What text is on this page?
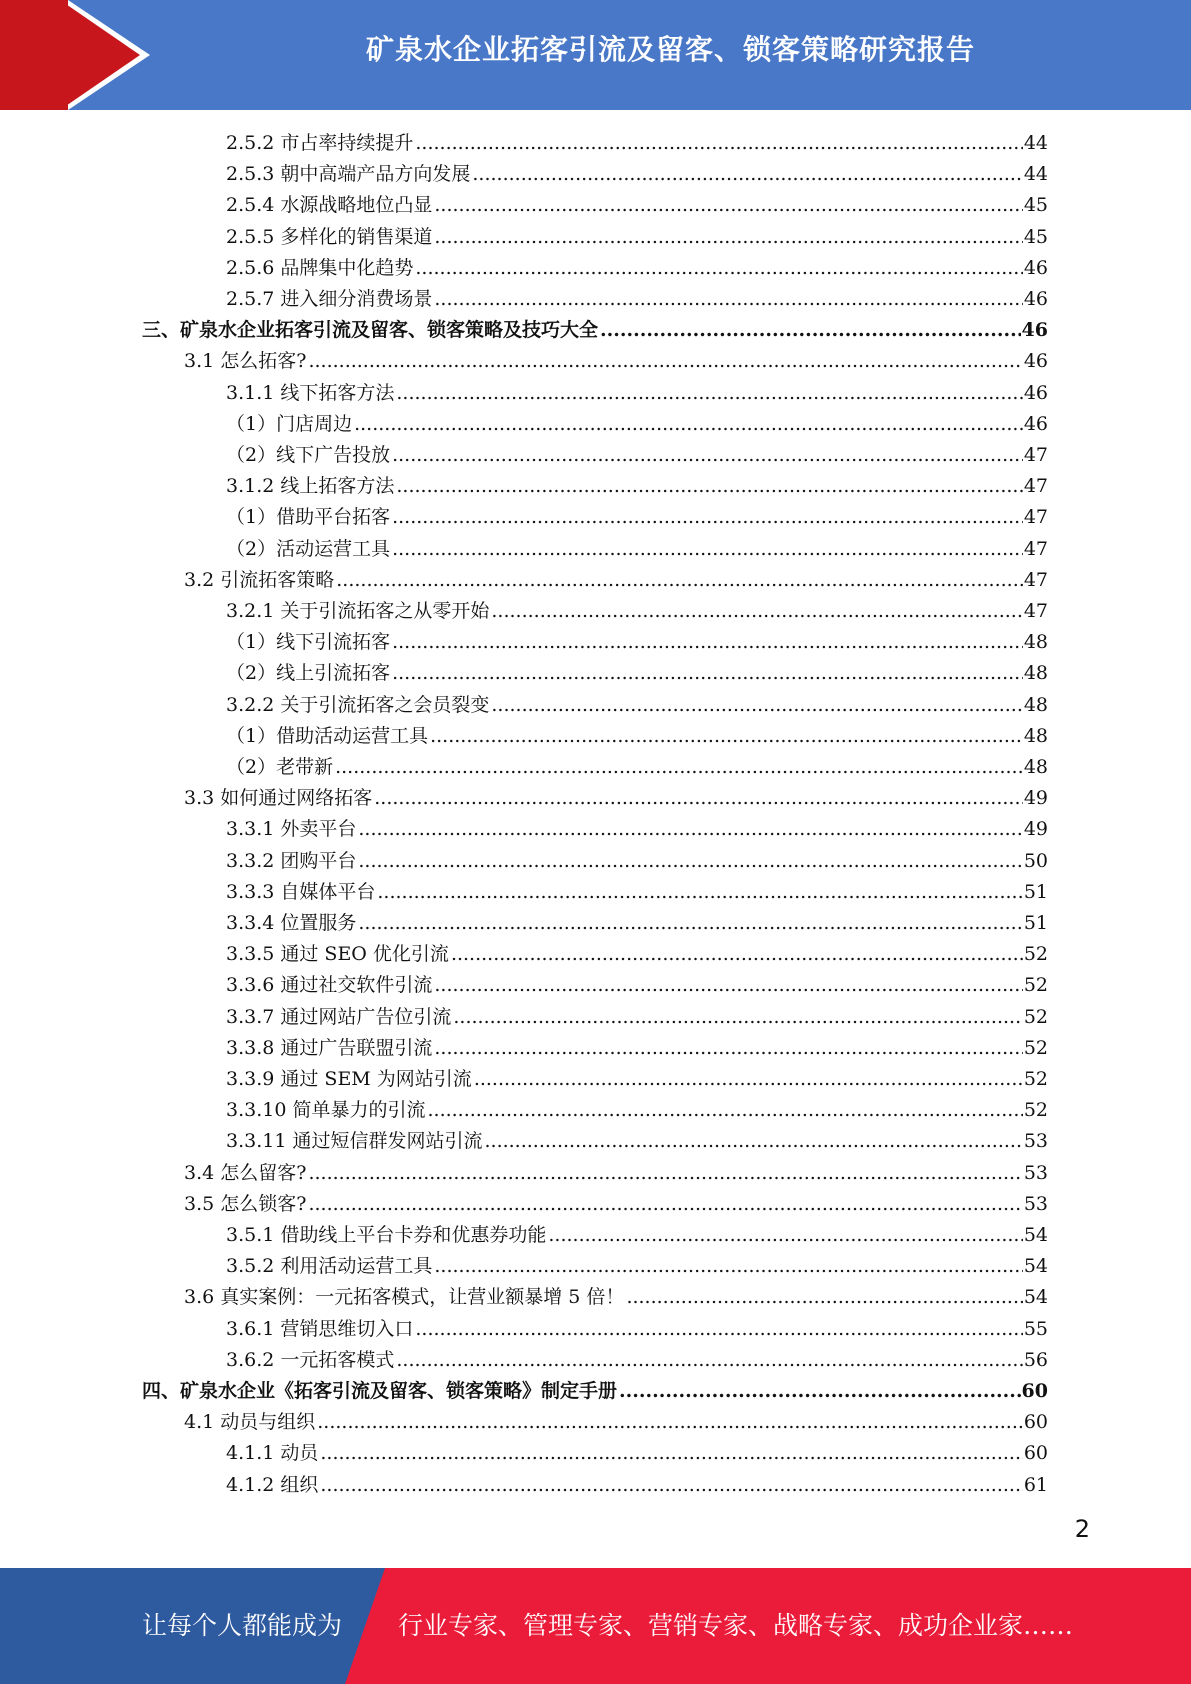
矿泉水企业拓客引流及留客、锁客策略研究报告
2.5.2 市占率持续提升 .....	44
2.5.3 朝中高端产品方向发展 .....	44
2.5.4 水源战略地位凸显 .....	45
2.5.5 多样化的销售渠道 .....	45
2.5.6 品牌集中化趋势 .....	46
2.5.7 进入细分消费场景 .....	46
三、矿泉水企业拓客引流及留客、锁客策略及技巧大全 .....	46
3.1 怎么拓客? .....	46
3.1.1 线下拓客方法 .....	46
（1）门店周边 .....	46
（2）线下广告投放 .....	47
3.1.2 线上拓客方法 .....	47
（1）借助平台拓客 .....	47
（2）活动运营工具 .....	47
3.2 引流拓客策略 .....	47
3.2.1 关于引流拓客之从零开始 .....	47
（1）线下引流拓客 .....	48
（2）线上引流拓客 .....	48
3.2.2 关于引流拓客之会员裂变 .....	48
（1）借助活动运营工具 .....	48
（2）老带新 .....	48
3.3 如何通过网络拓客 .....	49
3.3.1 外卖平台 .....	49
3.3.2 团购平台 .....	50
3.3.3 自媒体平台 .....	51
3.3.4 位置服务 .....	51
3.3.5 通过 SEO 优化引流 .....	52
3.3.6 通过社交软件引流 .....	52
3.3.7 通过网站广告位引流 .....	52
3.3.8 通过广告联盟引流 .....	52
3.3.9 通过 SEM 为网站引流 .....	52
3.3.10 简单暴力的引流 .....	52
3.3.11 通过短信群发网站引流 .....	53
3.4 怎么留客? .....	53
3.5 怎么锁客? .....	53
3.5.1 借助线上平台卡券和优惠券功能 .....	54
3.5.2 利用活动运营工具 .....	54
3.6 真实案例：一元拓客模式，让营业额暴增 5 倍！ .....	54
3.6.1 营销思维切入口 .....	55
3.6.2 一元拓客模式 .....	56
四、矿泉水企业《拓客引流及留客、锁客策略》制定手册 .....	60
4.1 动员与组织 .....	60
4.1.1 动员 .....	60
4.1.2 组织 .....	61
2
让每个人都能成为 行业专家、管理专家、营销专家、战略专家、成功企业家……
